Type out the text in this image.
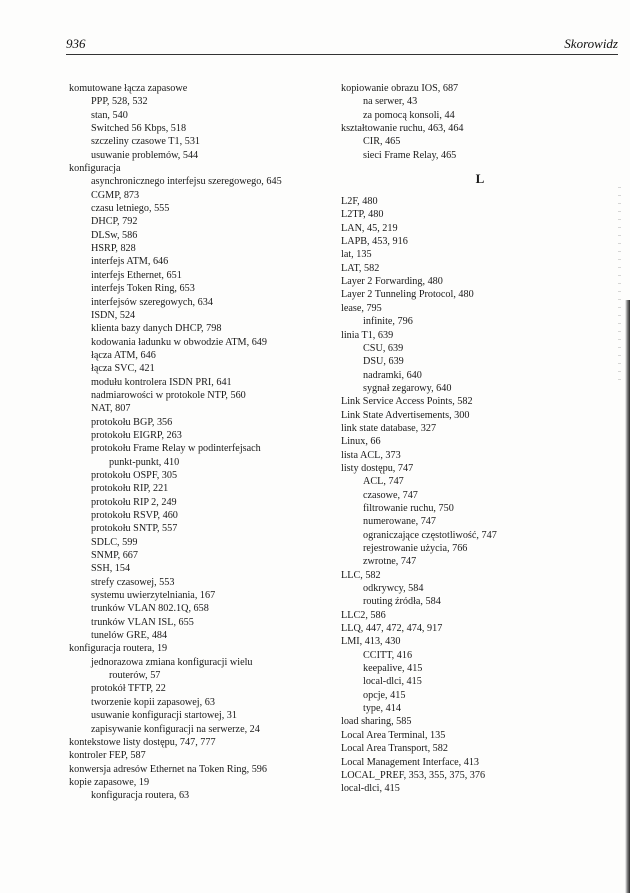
936	Skorowidz
komutowane łącza zapasowe
PPP, 528, 532
stan, 540
Switched 56 Kbps, 518
szczeliny czasowe T1, 531
usuwanie problemów, 544
konfiguracja
asynchronicznego interfejsu szeregowego, 645
CGMP, 873
czasu letniego, 555
DHCP, 792
DLSw, 586
HSRP, 828
interfejs ATM, 646
interfejs Ethernet, 651
interfejs Token Ring, 653
interfejsów szeregowych, 634
ISDN, 524
klienta bazy danych DHCP, 798
kodowania ładunku w obwodzie ATM, 649
łącza ATM, 646
łącza SVC, 421
modułu kontrolera ISDN PRI, 641
nadmiarowości w protokole NTP, 560
NAT, 807
protokołu BGP, 356
protokołu EIGRP, 263
protokołu Frame Relay w podinterfejsach
punkt-punkt, 410
protokołu OSPF, 305
protokołu RIP, 221
protokołu RIP 2, 249
protokołu RSVP, 460
protokołu SNTP, 557
SDLC, 599
SNMP, 667
SSH, 154
strefy czasowej, 553
systemu uwierzytelniania, 167
trunków VLAN 802.1Q, 658
trunków VLAN ISL, 655
tunelów GRE, 484
konfiguracja routera, 19
jednorazowa zmiana konfiguracji wielu
routerów, 57
protokół TFTP, 22
tworzenie kopii zapasowej, 63
usuwanie konfiguracji startowej, 31
zapisywanie konfiguracji na serwerze, 24
kontekstowe listy dostępu, 747, 777
kontroler FEP, 587
konwersja adresów Ethernet na Token Ring, 596
kopie zapasowe, 19
konfiguracja routera, 63
kopiowanie obrazu IOS, 687
na serwer, 43
za pomocą konsoli, 44
kształtowanie ruchu, 463, 464
CIR, 465
sieci Frame Relay, 465
L
L2F, 480
L2TP, 480
LAN, 45, 219
LAPB, 453, 916
lat, 135
LAT, 582
Layer 2 Forwarding, 480
Layer 2 Tunneling Protocol, 480
lease, 795
infinite, 796
linia T1, 639
CSU, 639
DSU, 639
nadramki, 640
sygnał zegarowy, 640
Link Service Access Points, 582
Link State Advertisements, 300
link state database, 327
Linux, 66
lista ACL, 373
listy dostępu, 747
ACL, 747
czasowe, 747
filtrowanie ruchu, 750
numerowane, 747
ograniczające częstotliwość, 747
rejestrowanie użycia, 766
zwrotne, 747
LLC, 582
odkrywcy, 584
routing źródła, 584
LLC2, 586
LLQ, 447, 472, 474, 917
LMI, 413, 430
CCITT, 416
keepalive, 415
local-dlci, 415
opcje, 415
type, 414
load sharing, 585
Local Area Terminal, 135
Local Area Transport, 582
Local Management Interface, 413
LOCAL_PREF, 353, 355, 375, 376
local-dlci, 415
